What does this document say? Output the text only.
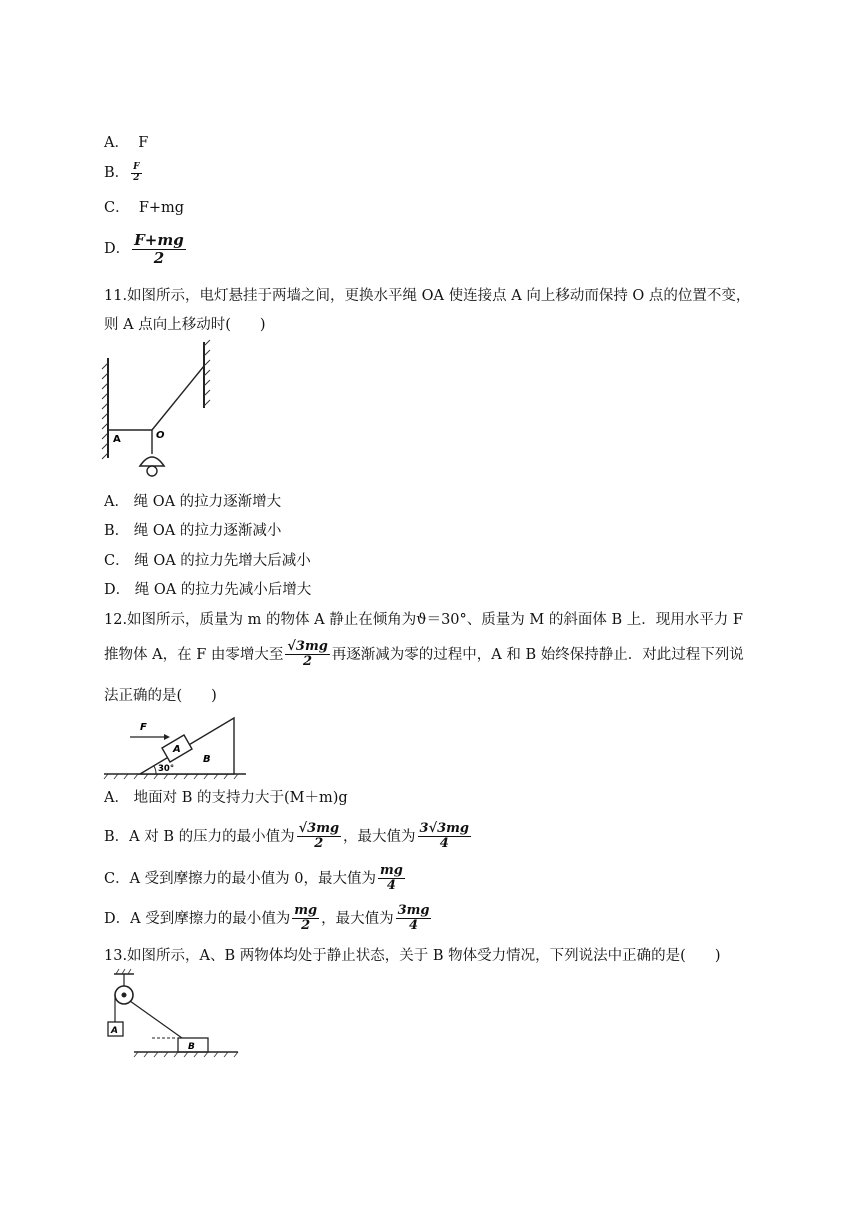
A．
F
B． $\frac{F}{2}$
C．
F+mg
D． $\frac{F+mg}{2}$
11.如图所示，电灯悬挂于两墙之间，更换水平绳 OA 使连接点 A 向上移动而保持 O 点的位置不变，
则 A 点向上移动时(　　)
A	O
A． 绳 OA 的拉力逐渐增大
B． 绳 OA 的拉力逐渐减小
C． 绳 OA 的拉力先增大后减小
D． 绳 OA 的拉力先减小后增大
12.如图所示，质量为 m 的物体 A 静止在倾角为ϑ＝30°、质量为 M 的斜面体 B 上．现用水平力 F
推物体 A，在 F 由零增大至 $\frac{√3mg}{2}$ 再逐渐减为零的过程中，A 和 B 始终保持静止．对此过程下列说
法正确的是(　　)
F
A
B
30°
A． 地面对 B 的支持力大于(M＋m)g
B．A 对 B 的压力的最小值为 $\frac{√3mg}{2}$ ，最大值为 $\frac{3√3mg}{4}$
C．A 受到摩擦力的最小值为 0，最大值为 $\frac{mg}{4}$
D．A 受到摩擦力的最小值为 $\frac{mg}{2}$ ，最大值为 $\frac{3mg}{4}$
13.如图所示，A、B 两物体均处于静止状态，关于 B 物体受力情况，下列说法中正确的是(　　)
A
B
